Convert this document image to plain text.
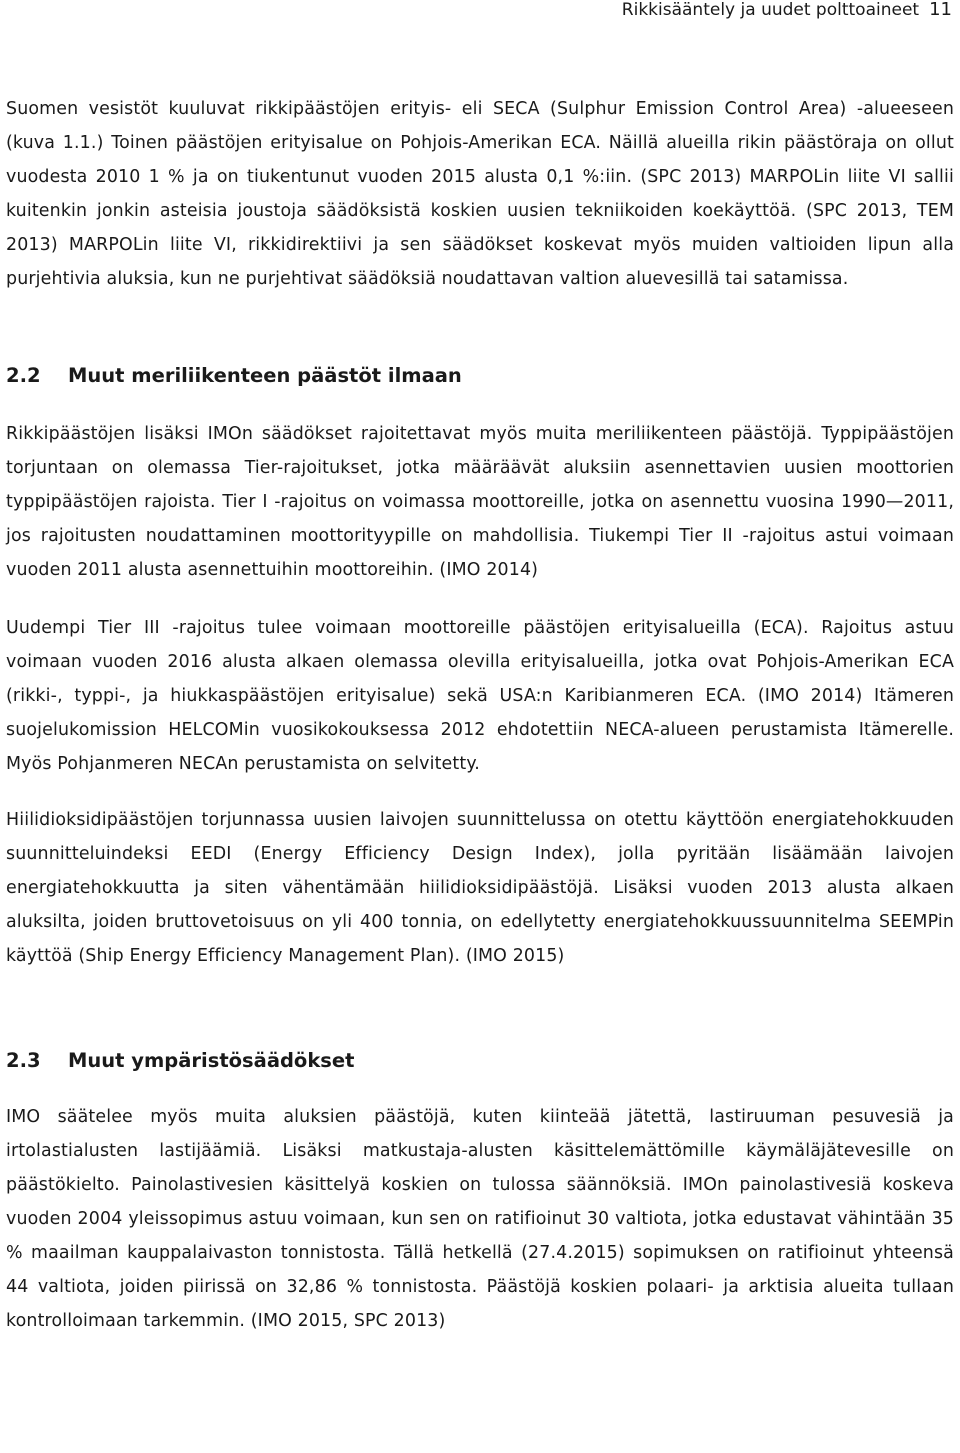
Rikkisääntely ja uudet polttoaineet 11

Suomen vesistöt kuuluvat rikkipäästöjen erityis- eli SECA (Sulphur Emission Control Area) -alueeseen (kuva 1.1.) Toinen päästöjen erityisalue on Pohjois-Amerikan ECA. Näillä alueilla rikin päästöraja on ollut vuodesta 2010 1 % ja on tiukentunut vuoden 2015 alusta 0,1 %:iin. (SPC 2013) MARPOLin liite VI sallii kuitenkin jonkin asteisia joustoja säädöksistä koskien uusien tekniikoiden koekäyttöä. (SPC 2013, TEM 2013) MARPOLin liite VI, rikkidirektiivi ja sen säädökset koskevat myös muiden valtioiden lipun alla purjehtivia aluksia, kun ne purjehtivat säädöksiä noudattavan valtion aluevesillä tai satamissa.

2.2	Muut meriliikenteen päästöt ilmaan

Rikkipäästöjen lisäksi IMOn säädökset rajoitettavat myös muita meriliikenteen päästöjä. Typpipäästöjen torjuntaan on olemassa Tier-rajoitukset, jotka määräävät aluksiin asennettavien uusien moottorien typpipäästöjen rajoista. Tier I -rajoitus on voimassa moottoreille, jotka on asennettu vuosina 1990—2011, jos rajoitusten noudattaminen moottorityypille on mahdollisia. Tiukempi Tier II -rajoitus astui voimaan vuoden 2011 alusta asennettuihin moottoreihin. (IMO 2014)

Uudempi Tier III -rajoitus tulee voimaan moottoreille päästöjen erityisalueilla (ECA). Rajoitus astuu voimaan vuoden 2016 alusta alkaen olemassa olevilla erityisalueilla, jotka ovat Pohjois-Amerikan ECA (rikki-, typpi-, ja hiukkaspäästöjen erityisalue) sekä USA:n Karibianmeren ECA. (IMO 2014) Itämeren suojelukomission HELCOMin vuosikokouksessa 2012 ehdotettiin NECA-alueen perustamista Itämerelle. Myös Pohjanmeren NECAn perustamista on selvitetty.

Hiilidioksidipäästöjen torjunnassa uusien laivojen suunnittelussa on otettu käyttöön energiatehokkuuden suunnitteluindeksi EEDI (Energy Efficiency Design Index), jolla pyritään lisäämään laivojen energiatehokkuutta ja siten vähentämään hiilidioksidipäästöjä. Lisäksi vuoden 2013 alusta alkaen aluksilta, joiden bruttovetoisuus on yli 400 tonnia, on edellytetty energiatehokkuussuunnitelma SEEMPin käyttöä (Ship Energy Efficiency Management Plan). (IMO 2015)

2.3	Muut ympäristösäädökset

IMO säätelee myös muita aluksien päästöjä, kuten kiinteää jätettä, lastiruuman pesuvesiä ja irtolastialusten lastijäämiä. Lisäksi matkustaja-alusten käsittelemättömille käymäläjätevesille on päästökielto. Painolastivesien käsittelyä koskien on tulossa säännöksiä. IMOn painolastivesiä koskeva vuoden 2004 yleissopimus astuu voimaan, kun sen on ratifioinut 30 valtiota, jotka edustavat vähintään 35 % maailman kauppalaivaston tonnistosta. Tällä hetkellä (27.4.2015) sopimuksen on ratifioinut yhteensä 44 valtiota, joiden piirissä on 32,86 % tonnistosta. Päästöjä koskien polaari- ja arktisia alueita tullaan kontrolloimaan tarkemmin. (IMO 2015, SPC 2013)
